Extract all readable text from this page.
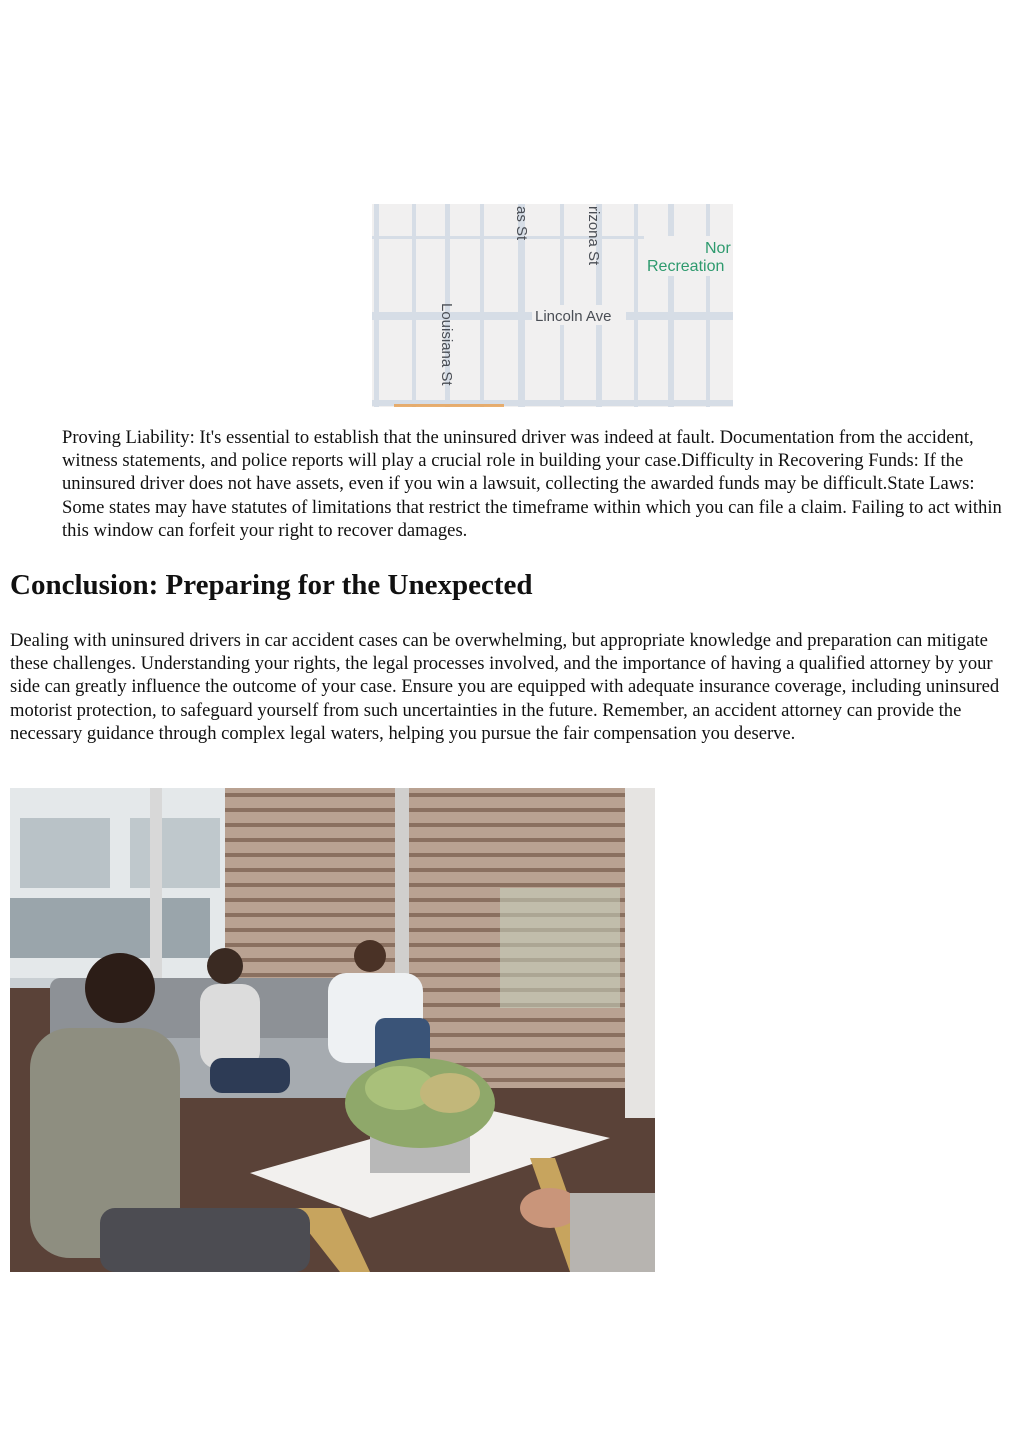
as St	rizona St
Louisiana St	Lincoln Ave
Nor
Recreation

Proving Liability: It's essential to establish that the uninsured driver was indeed at fault. Documentation from the accident, witness statements, and police reports will play a crucial role in building your case.Difficulty in Recovering Funds: If the uninsured driver does not have assets, even if you win a lawsuit, collecting the awarded funds may be difficult.State Laws: Some states may have statutes of limitations that restrict the timeframe within which you can file a claim. Failing to act within this window can forfeit your right to recover damages.

Conclusion: Preparing for the Unexpected

Dealing with uninsured drivers in car accident cases can be overwhelming, but appropriate knowledge and preparation can mitigate these challenges. Understanding your rights, the legal processes involved, and the importance of having a qualified attorney by your side can greatly influence the outcome of your case. Ensure you are equipped with adequate insurance coverage, including uninsured motorist protection, to safeguard yourself from such uncertainties in the future. Remember, an accident attorney can provide the necessary guidance through complex legal waters, helping you pursue the fair compensation you deserve.
